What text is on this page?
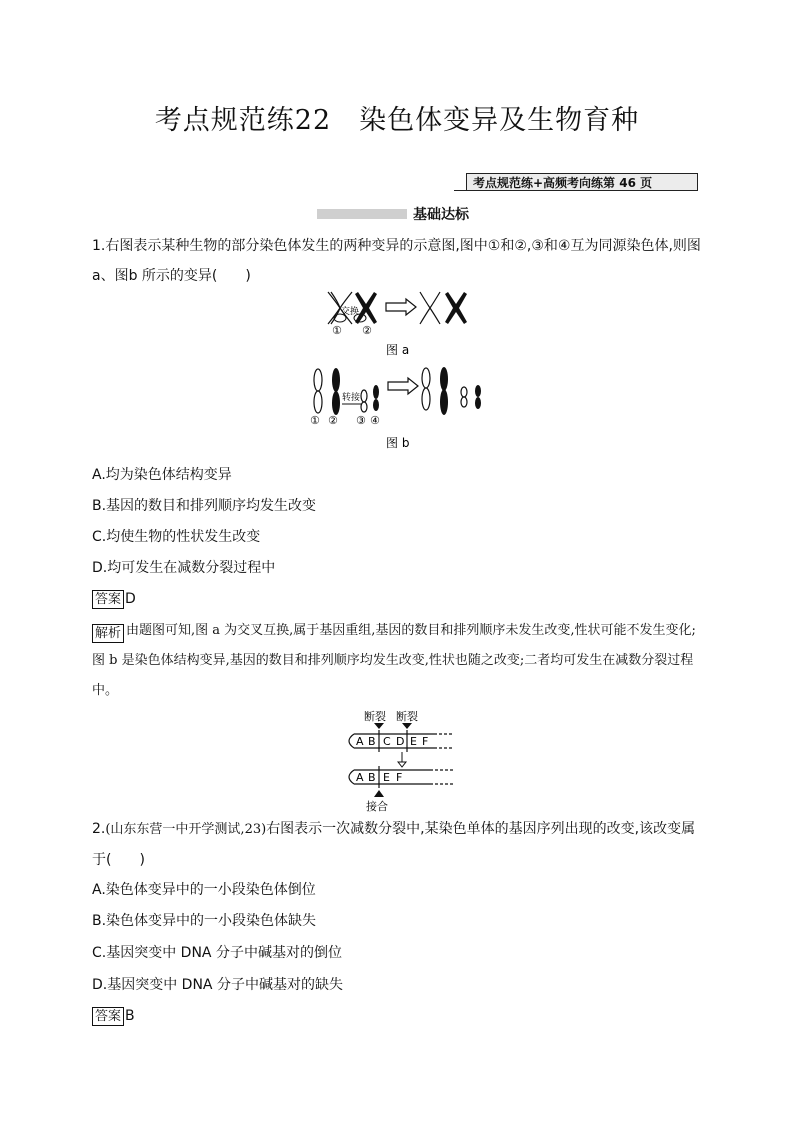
考点规范练22　染色体变异及生物育种
考点规范练+高频考向练第 46 页
基础达标
1.右图表示某种生物的部分染色体发生的两种变异的示意图,图中①和②,③和④互为同源染色体,则图a、图b 所示的变异(　　)
交换
① ②
图 a
转接
① ② ③ ④
图 b
A.均为染色体结构变异
B.基因的数目和排列顺序均发生改变
C.均使生物的性状发生改变
D.均可发生在减数分裂过程中
答案 D
解析 由题图可知,图 a 为交叉互换,属于基因重组,基因的数目和排列顺序未发生改变,性状可能不发生变化;图 b 是染色体结构变异,基因的数目和排列顺序均发生改变,性状也随之改变;二者均可发生在减数分裂过程中。
断裂 断裂
A B C D E F
A B E F
接合
2.(山东东营一中开学测试,23)右图表示一次减数分裂中,某染色单体的基因序列出现的改变,该改变属于(　　)
A.染色体变异中的一小段染色体倒位
B.染色体变异中的一小段染色体缺失
C.基因突变中 DNA 分子中碱基对的倒位
D.基因突变中 DNA 分子中碱基对的缺失
答案 B
